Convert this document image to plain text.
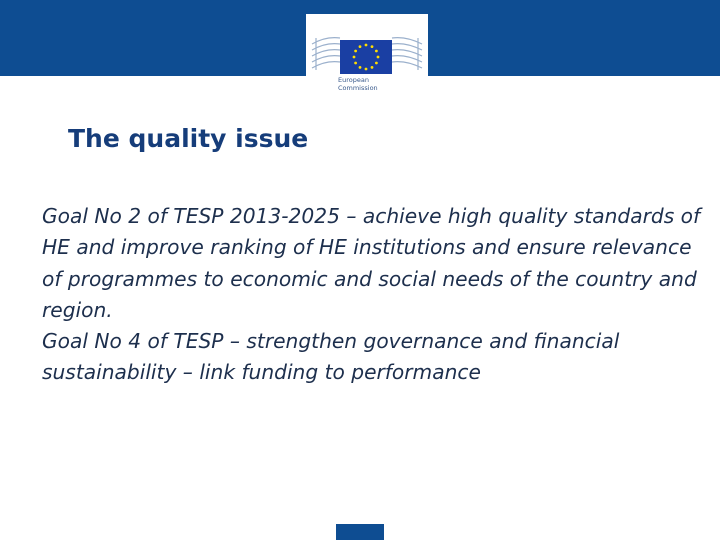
European
Commission
The quality issue

Goal No 2 of TESP 2013-2025 – achieve high quality standards of HE and improve ranking of HE institutions and ensure relevance of programmes to economic and social needs of the country and region.

Goal No 4 of TESP – strengthen governance and financial sustainability – link funding to performance
